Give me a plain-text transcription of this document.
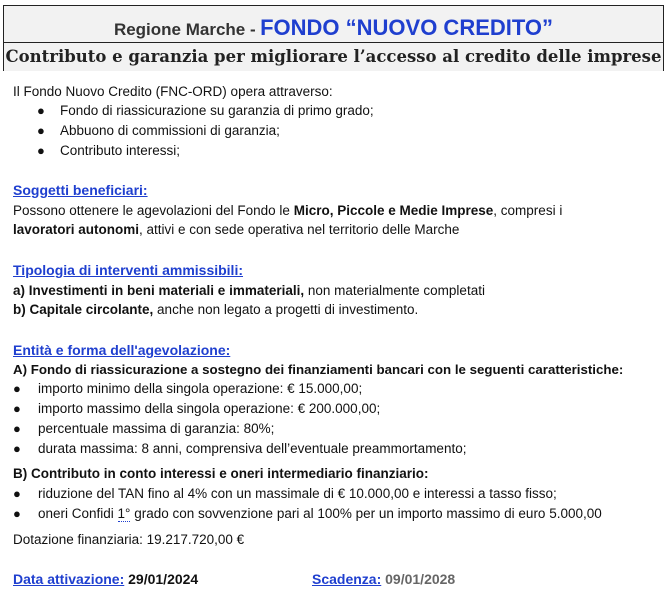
Regione Marche - FONDO “NUOVO CREDITO”
Contributo e garanzia per migliorare l’accesso al credito delle imprese
Il Fondo Nuovo Credito (FNC-ORD) opera attraverso:
● Fondo di riassicurazione su garanzia di primo grado;
● Abbuono di commissioni di garanzia;
● Contributo interessi;
Soggetti beneficiari:
Possono ottenere le agevolazioni del Fondo le Micro, Piccole e Medie Imprese, compresi i
lavoratori autonomi, attivi e con sede operativa nel territorio delle Marche
Tipologia di interventi ammissibili:
a) Investimenti in beni materiali e immateriali, non materialmente completati
b) Capitale circolante, anche non legato a progetti di investimento.
Entità e forma dell'agevolazione:
A) Fondo di riassicurazione a sostegno dei finanziamenti bancari con le seguenti caratteristiche:
● importo minimo della singola operazione: € 15.000,00;
● importo massimo della singola operazione: € 200.000,00;
● percentuale massima di garanzia: 80%;
● durata massima: 8 anni, comprensiva dell’eventuale preammortamento;
B) Contributo in conto interessi e oneri intermediario finanziario:
● riduzione del TAN fino al 4% con un massimale di € 10.000,00 e interessi a tasso fisso;
● oneri Confidi 1° grado con sovvenzione pari al 100% per un importo massimo di euro 5.000,00
Dotazione finanziaria: 19.217.720,00 €
Data attivazione: 29/01/2024	Scadenza: 09/01/2028
